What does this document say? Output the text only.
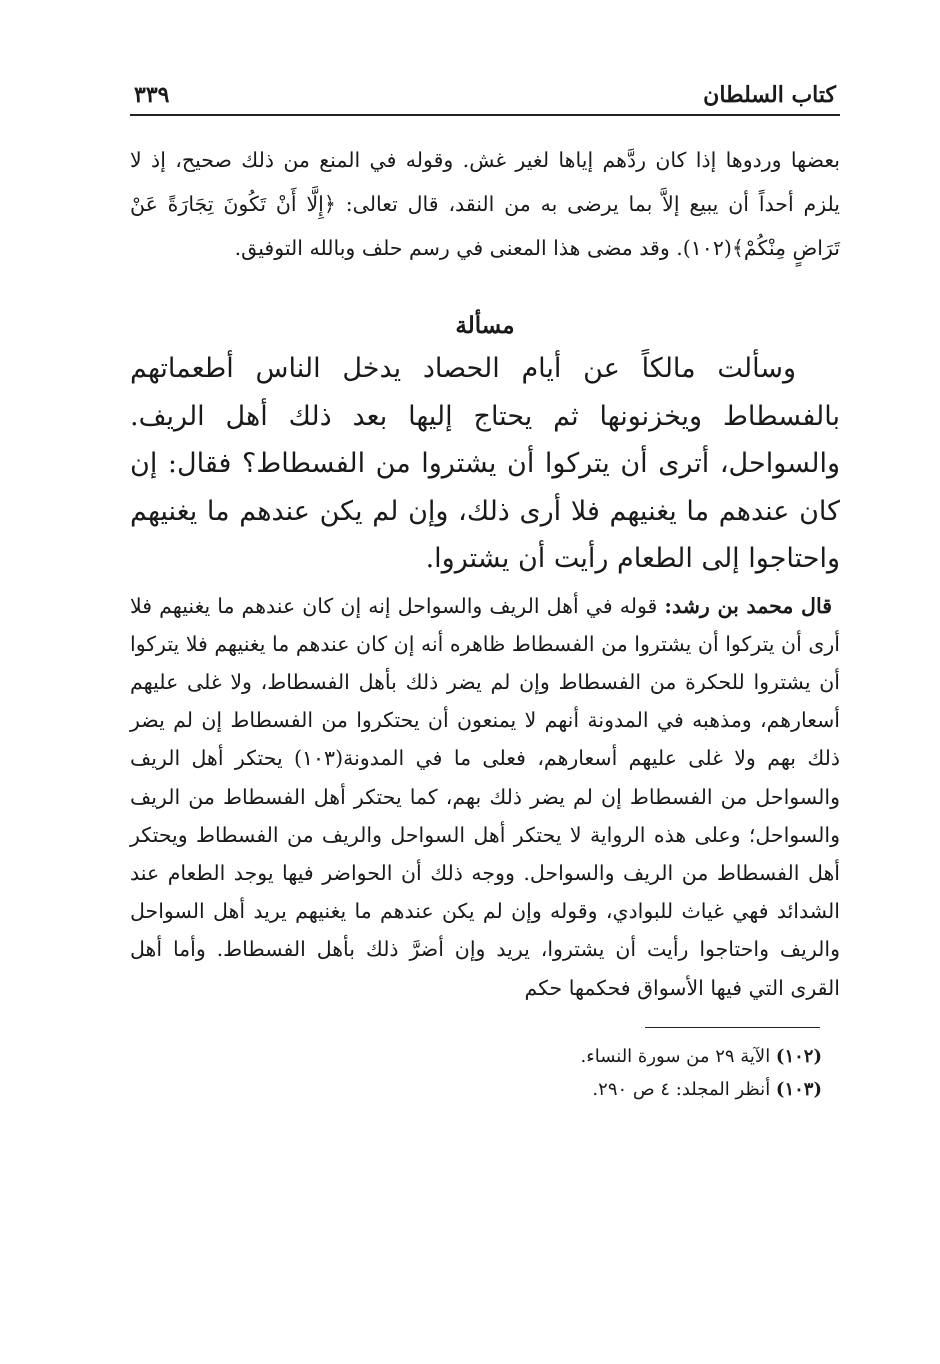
كتاب السلطان
٣٣٩

بعضها وردوها إذا كان ردَّهم إياها لغير غش. وقوله في المنع من ذلك صحيح، إذ لا يلزم أحداً أن يبيع إلاَّ بما يرضى به من النقد، قال تعالى: ﴿إِلَّا أَنْ تَكُونَ تِجَارَةً عَنْ تَرَاضٍ مِنْكُمْ﴾(١٠٢). وقد مضى هذا المعنى في رسم حلف وبالله التوفيق.

مسألة

وسألت مالكاً عن أيام الحصاد يدخل الناس أطعماتهم بالفسطاط ويخزنونها ثم يحتاج إليها بعد ذلك أهل الريف. والسواحل، أترى أن يتركوا أن يشتروا من الفسطاط؟ فقال: إن كان عندهم ما يغنيهم فلا أرى ذلك، وإن لم يكن عندهم ما يغنيهم واحتاجوا إلى الطعام رأيت أن يشتروا.

قال محمد بن رشد: قوله في أهل الريف والسواحل إنه إن كان عندهم ما يغنيهم فلا أرى أن يتركوا أن يشتروا من الفسطاط ظاهره أنه إن كان عندهم ما يغنيهم فلا يتركوا أن يشتروا للحكرة من الفسطاط وإن لم يضر ذلك بأهل الفسطاط، ولا غلى عليهم أسعارهم، ومذهبه في المدونة أنهم لا يمنعون أن يحتكروا من الفسطاط إن لم يضر ذلك بهم ولا غلى عليهم أسعارهم، فعلى ما في المدونة(١٠٣) يحتكر أهل الريف والسواحل من الفسطاط إن لم يضر ذلك بهم، كما يحتكر أهل الفسطاط من الريف والسواحل؛ وعلى هذه الرواية لا يحتكر أهل السواحل والريف من الفسطاط ويحتكر أهل الفسطاط من الريف والسواحل. ووجه ذلك أن الحواضر فيها يوجد الطعام عند الشدائد فهي غياث للبوادي، وقوله وإن لم يكن عندهم ما يغنيهم يريد أهل السواحل والريف واحتاجوا رأيت أن يشتروا، يريد وإن أضرَّ ذلك بأهل الفسطاط. وأما أهل القرى التي فيها الأسواق فحكمها حكم

(١٠٢) الآية ٢٩ من سورة النساء.

(١٠٣) أنظر المجلد: ٤ ص ٢٩٠.
